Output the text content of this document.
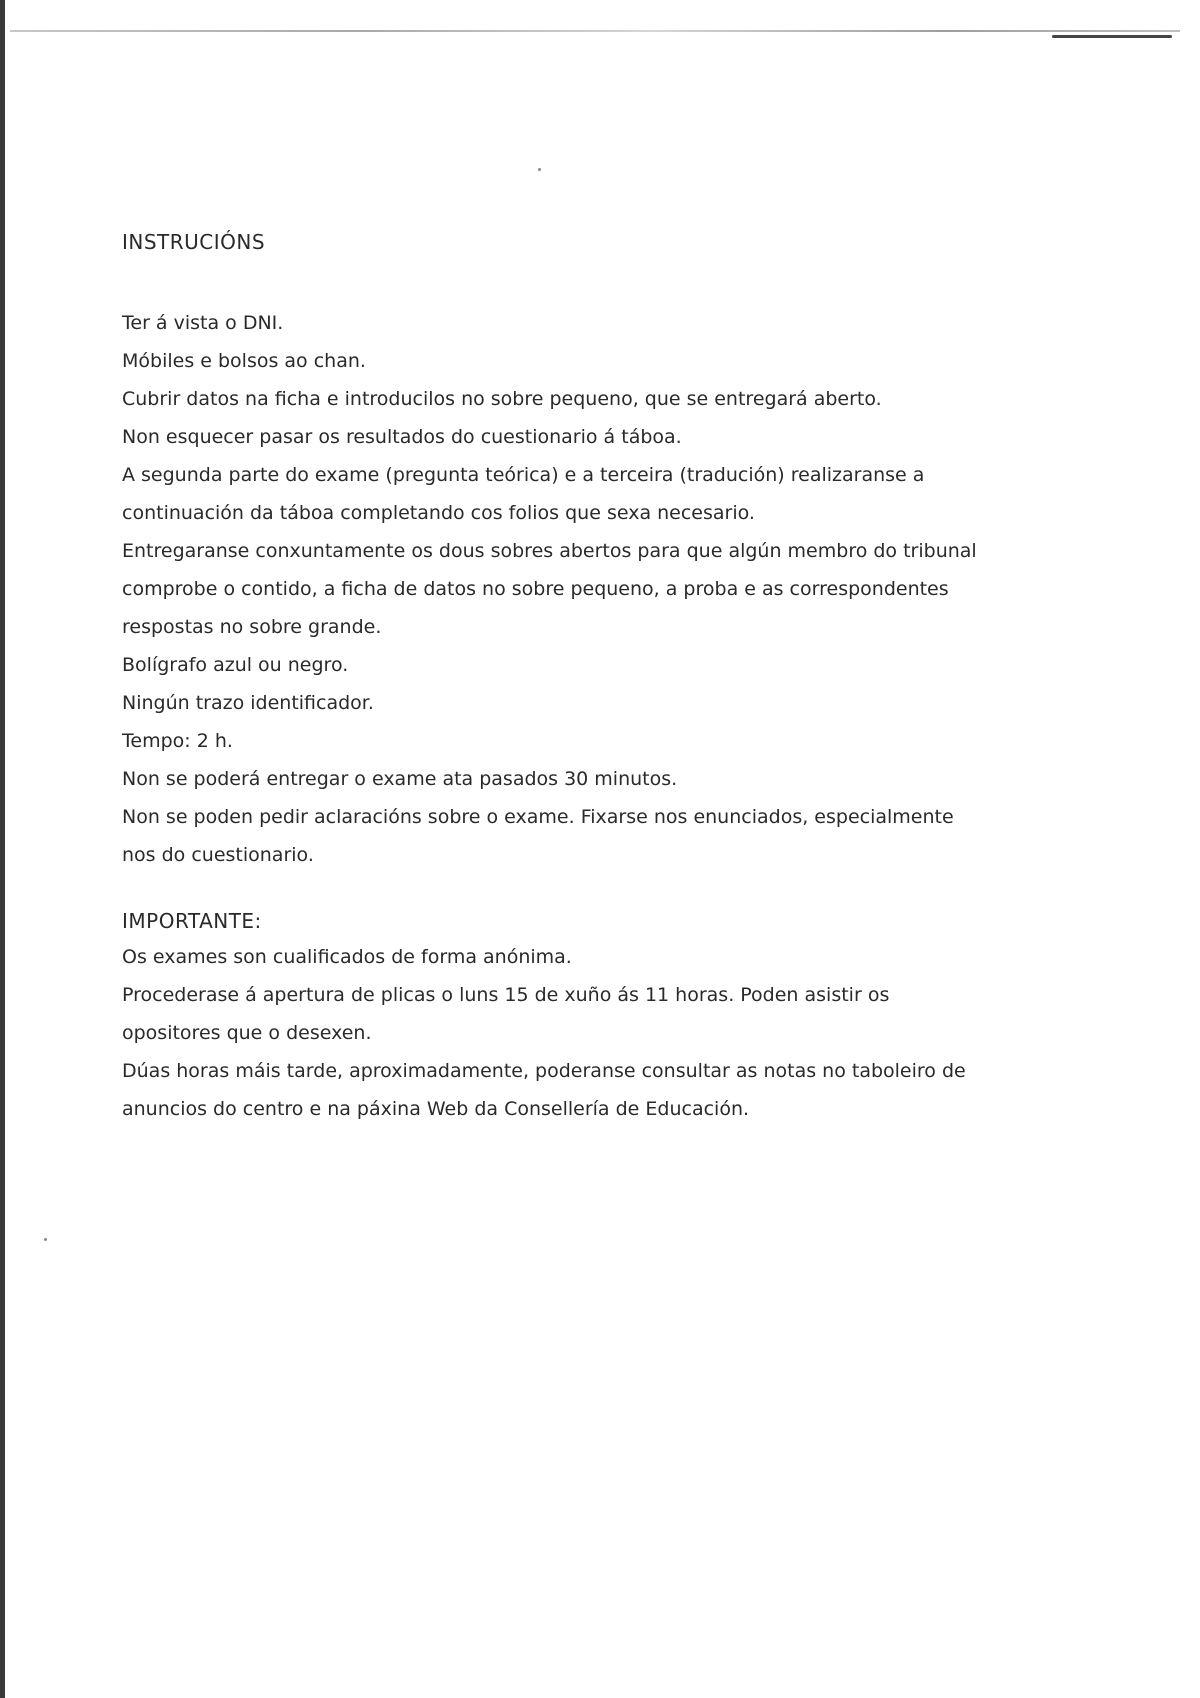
INSTRUCIÓNS
Ter á vista o DNI.
Móbiles e bolsos ao chan.
Cubrir datos na ficha e introducilos no sobre pequeno, que se entregará aberto.
Non esquecer pasar os resultados do cuestionario á táboa.
A segunda parte do exame (pregunta teórica) e a terceira (tradución) realizaranse a
continuación da táboa completando cos folios que sexa necesario.
Entregaranse conxuntamente os dous sobres abertos para que algún membro do tribunal
comprobe o contido, a ficha de datos no sobre pequeno, a proba e as correspondentes
respostas no sobre grande.
Bolígrafo azul ou negro.
Ningún trazo identificador.
Tempo: 2 h.
Non se poderá entregar o exame ata pasados 30 minutos.
Non se poden pedir aclaracións sobre o exame. Fixarse nos enunciados, especialmente
nos do cuestionario.
IMPORTANTE:
Os exames son cualificados de forma anónima.
Procederase á apertura de plicas o luns 15 de xuño ás 11 horas. Poden asistir os
opositores que o desexen.
Dúas horas máis tarde, aproximadamente, poderanse consultar as notas no taboleiro de
anuncios do centro e na páxina Web da Consellería de Educación.
